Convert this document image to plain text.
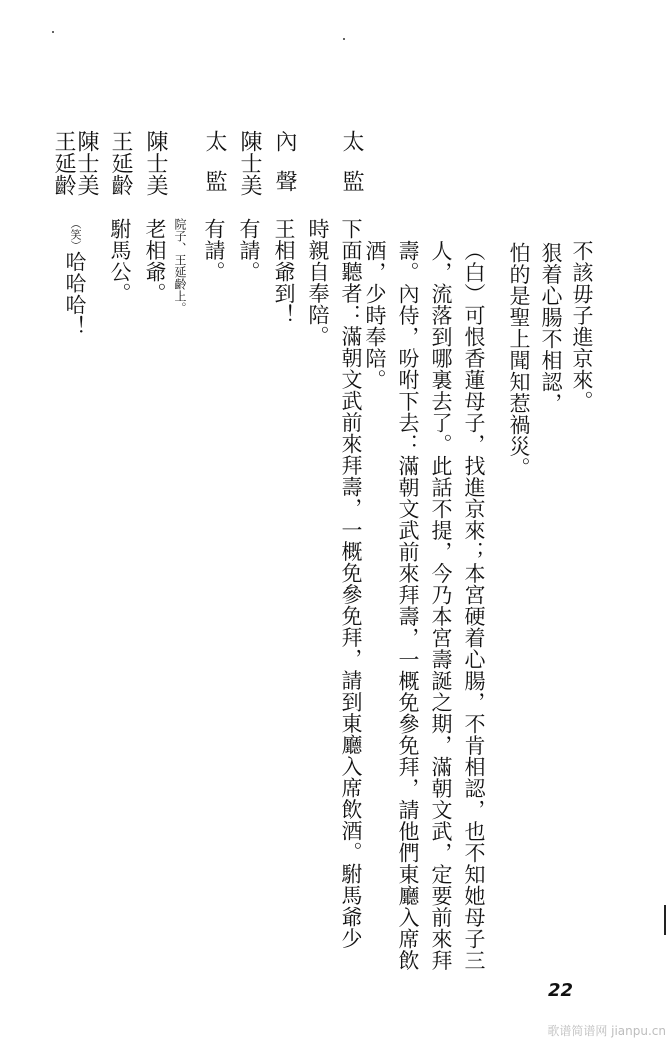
不該毋子進京來。
狠着心腸不相認，
怕的是聖上聞知惹禍災。
（白）可恨香蓮母子，找進京來；本宮硬着心腸，不肯相認，也不知她母子三
人，流落到哪裏去了。此話不提，今乃本宮壽誕之期，滿朝文武，定要前來拜
壽。內侍，吩咐下去：滿朝文武前來拜壽，一概免參免拜，請他們東廳入席飲
酒，少時奉陪。
太監
下面聽者：滿朝文武前來拜壽，一概免參免拜，請到東廳入席飲酒。駙馬爺少
時親自奉陪。
內聲
王相爺到！
陳士美
有請。
太監
有請。
院子、王延齡上。
陳士美
老相爺。
王延齡
駙馬公。
陳士美
王延齡
（笑）哈哈哈！
22
歌谱简谱网 jianpu.cn
